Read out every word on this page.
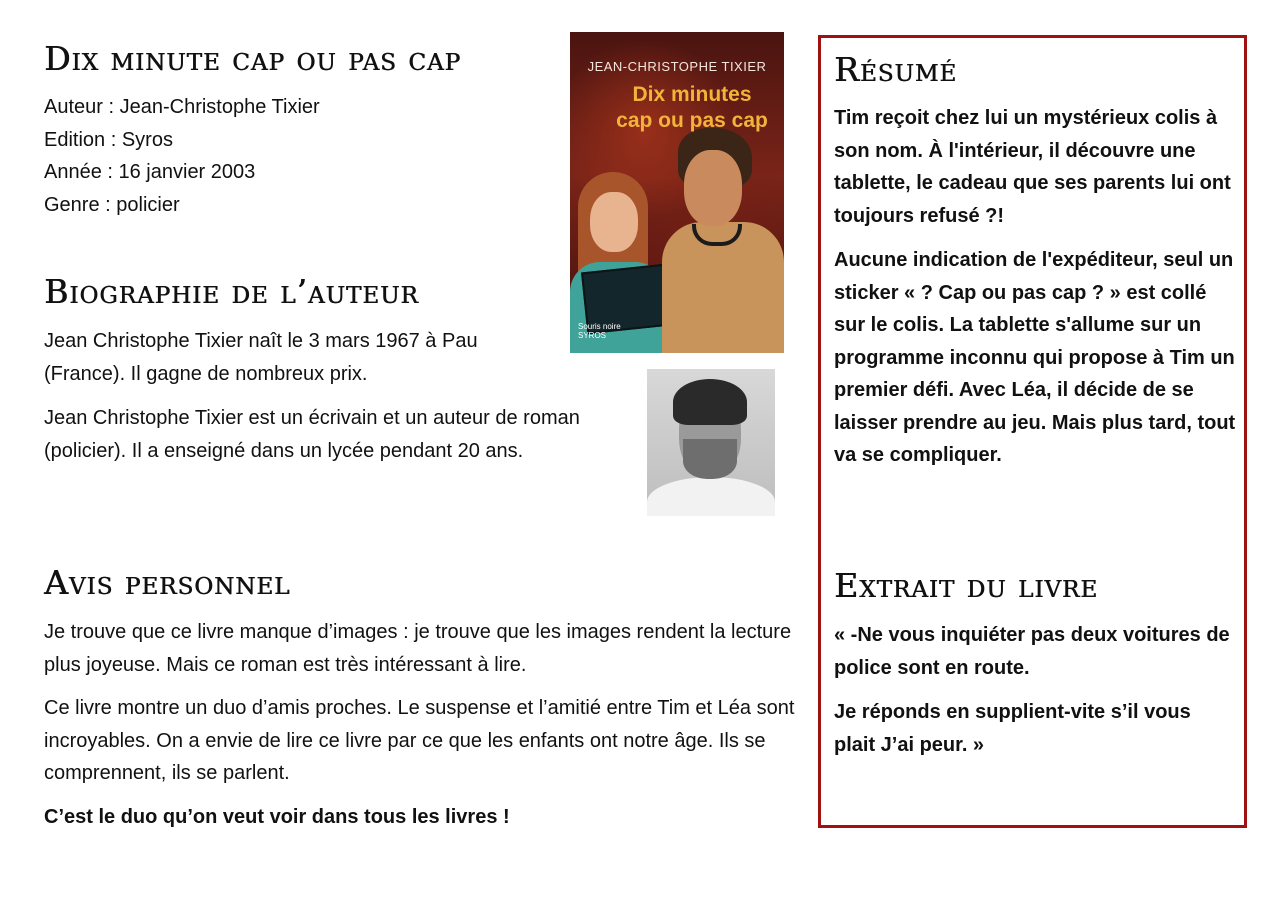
Dix minute cap ou pas cap
Auteur : Jean-Christophe Tixier
Edition : Syros
Année : 16 janvier 2003
Genre : policier
JEAN-CHRISTOPHE TIXIER
Dix minutes
cap ou pas cap
Souris noire
SYROS
Biographie de l’auteur

Jean Christophe Tixier naît le 3 mars 1967 à Pau (France). Il gagne de nombreux prix.

Jean Christophe Tixier est un écrivain et un auteur de roman (policier). Il a enseigné dans un lycée pendant 20 ans.

Avis personnel

Je trouve que ce livre manque d’images : je trouve que les images rendent la lecture plus joyeuse. Mais ce roman est très intéressant à lire.

Ce livre montre un duo d’amis proches. Le suspense et l’amitié entre Tim et Léa sont incroyables. On a envie de lire ce livre par ce que les enfants ont notre âge. Ils se comprennent, ils se parlent.

C’est le duo qu’on veut voir dans tous les livres !

Résumé

Tim reçoit chez lui un mystérieux colis à son nom. À l'intérieur, il découvre une tablette, le cadeau que ses parents lui ont toujours refusé ?!

Aucune indication de l'expéditeur, seul un sticker « ? Cap ou pas cap ? » est collé sur le colis. La tablette s'allume sur un programme inconnu qui propose à Tim un premier défi. Avec Léa, il décide de se laisser prendre au jeu. Mais plus tard, tout va se compliquer.

Extrait du livre

« -Ne vous inquiéter pas deux voitures de police sont en route.

Je réponds en supplient-vite s’il vous plait J’ai peur. »
